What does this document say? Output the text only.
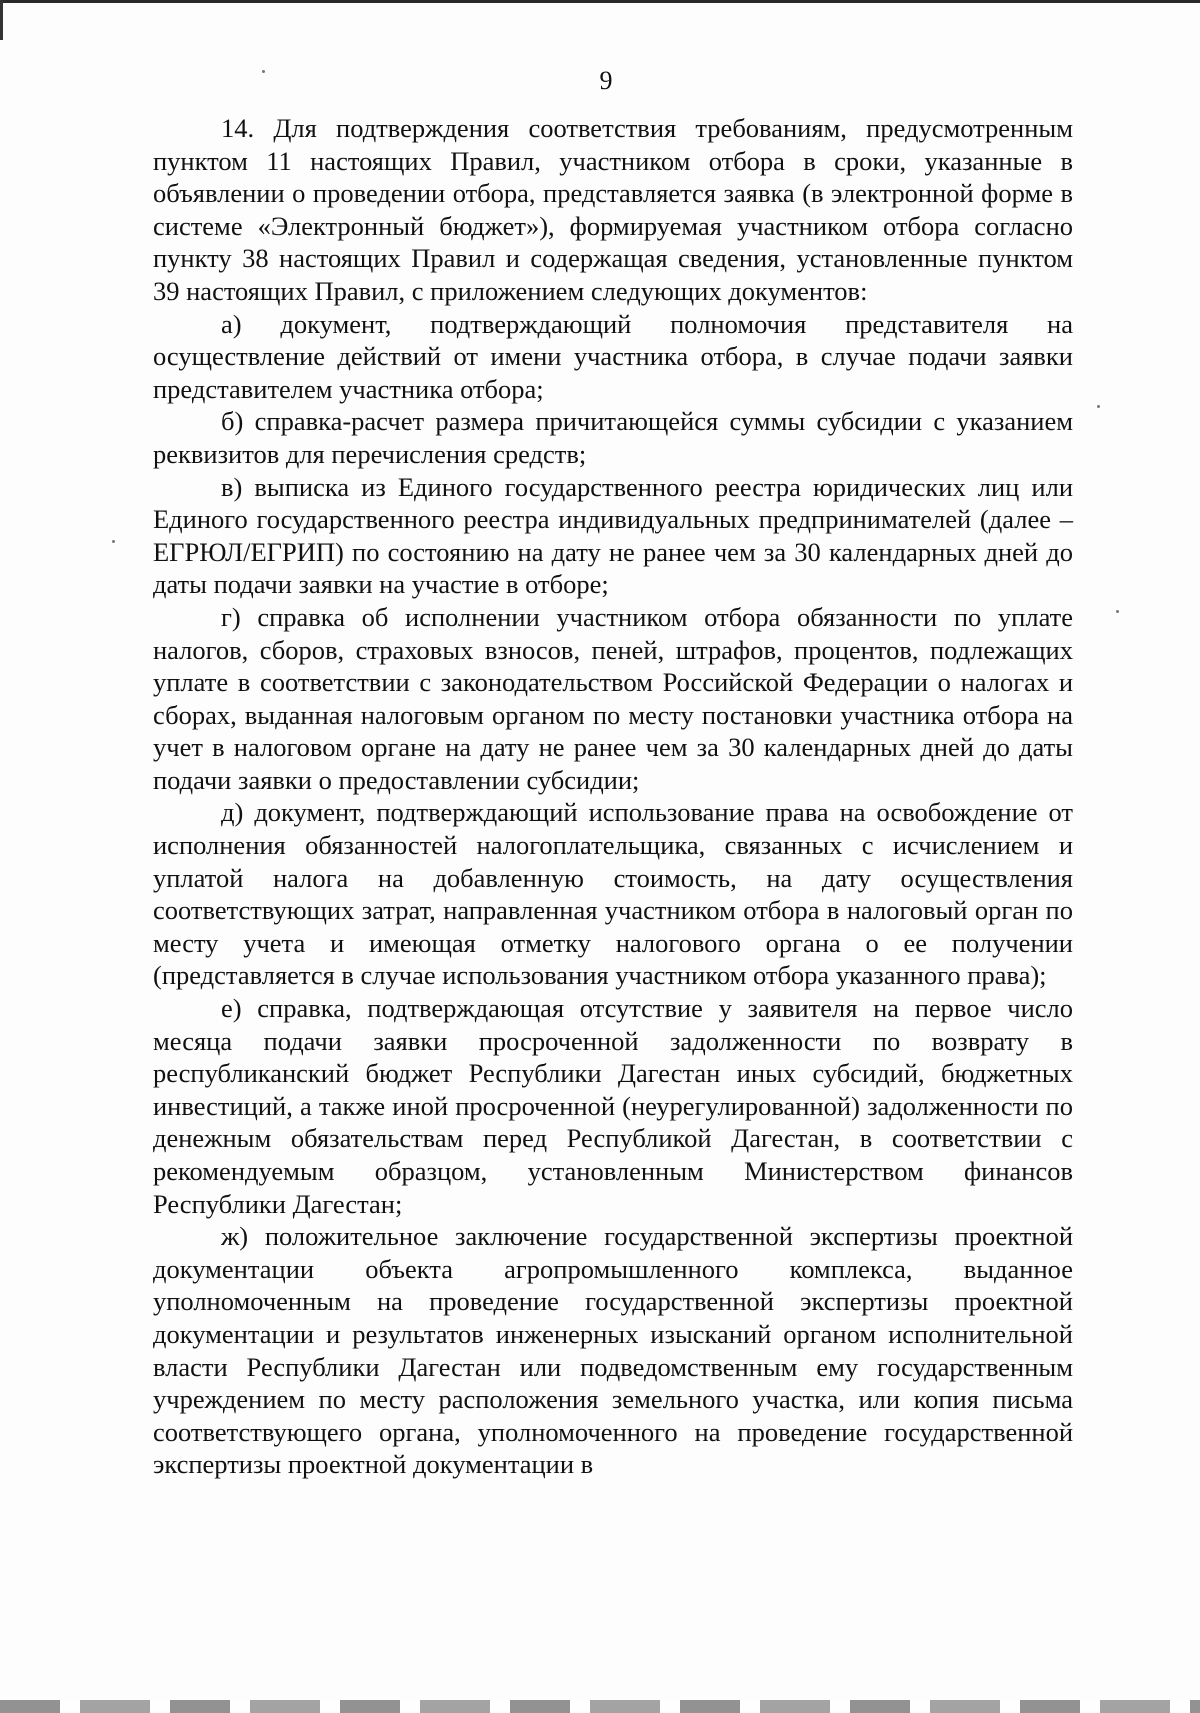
9

14. Для подтверждения соответствия требованиям, предусмотренным пунктом 11 настоящих Правил, участником отбора в сроки, указанные в объявлении о проведении отбора, представляется заявка (в электронной форме в системе «Электронный бюджет»), формируемая участником отбора согласно пункту 38 настоящих Правил и содержащая сведения, установленные пунктом 39 настоящих Правил, с приложением следующих документов:

а) документ, подтверждающий полномочия представителя на осуществление действий от имени участника отбора, в случае подачи заявки представителем участника отбора;

б) справка-расчет размера причитающейся суммы субсидии с указанием реквизитов для перечисления средств;

в) выписка из Единого государственного реестра юридических лиц или Единого государственного реестра индивидуальных предпринимателей (далее – ЕГРЮЛ/ЕГРИП) по состоянию на дату не ранее чем за 30 календарных дней до даты подачи заявки на участие в отборе;

г) справка об исполнении участником отбора обязанности по уплате налогов, сборов, страховых взносов, пеней, штрафов, процентов, подлежащих уплате в соответствии с законодательством Российской Федерации о налогах и сборах, выданная налоговым органом по месту постановки участника отбора на учет в налоговом органе на дату не ранее чем за 30 календарных дней до даты подачи заявки о предоставлении субсидии;

д) документ, подтверждающий использование права на освобождение от исполнения обязанностей налогоплательщика, связанных с исчислением и уплатой налога на добавленную стоимость, на дату осуществления соответствующих затрат, направленная участником отбора в налоговый орган по месту учета и имеющая отметку налогового органа о ее получении (представляется в случае использования участником отбора указанного права);

е) справка, подтверждающая отсутствие у заявителя на первое число месяца подачи заявки просроченной задолженности по возврату в республиканский бюджет Республики Дагестан иных субсидий, бюджетных инвестиций, а также иной просроченной (неурегулированной) задолженности по денежным обязательствам перед Республикой Дагестан, в соответствии с рекомендуемым образцом, установленным Министерством финансов Республики Дагестан;

ж) положительное заключение государственной экспертизы проектной документации объекта агропромышленного комплекса, выданное уполномоченным на проведение государственной экспертизы проектной документации и результатов инженерных изысканий органом исполнительной власти Республики Дагестан или подведомственным ему государственным учреждением по месту расположения земельного участка, или копия письма соответствующего органа, уполномоченного на проведение государственной экспертизы проектной документации в
